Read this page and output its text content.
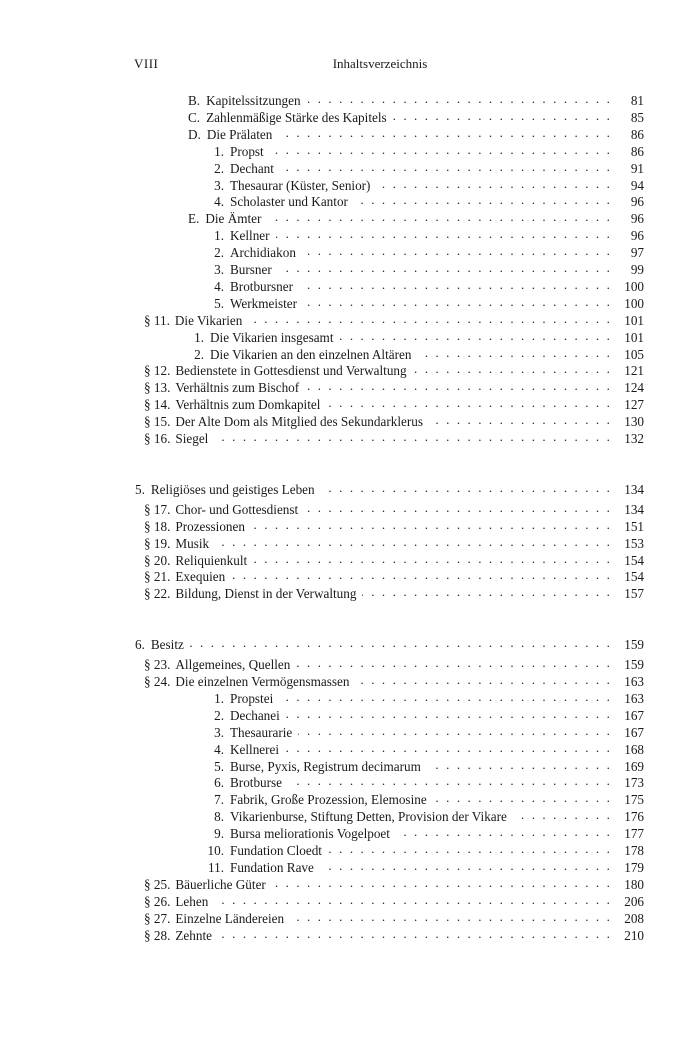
VIII	Inhaltsverzeichnis
B. Kapitelssitzungen . . .	81
C. Zahlenmäßige Stärke des Kapitels . . .	85
D. Die Prälaten . . .	86
1. Propst . . .	86
2. Dechant . . .	91
3. Thesaurar (Küster, Senior) . . .	94
4. Scholaster und Kantor . . .	96
E. Die Ämter . . .	96
1. Kellner . . .	96
2. Archidiakon . . .	97
3. Bursner . . .	99
4. Brotbursner . . .	100
5. Werkmeister . . .	100
§ 11. Die Vikarien . . .	101
1. Die Vikarien insgesamt . . .	101
2. Die Vikarien an den einzelnen Altären . . .	105
§ 12. Bedienstete in Gottesdienst und Verwaltung . . .	121
§ 13. Verhältnis zum Bischof . . .	124
§ 14. Verhältnis zum Domkapitel . . .	127
§ 15. Der Alte Dom als Mitglied des Sekundarklerus . . .	130
§ 16. Siegel . . .	132
5. Religiöses und geistiges Leben . . .	134
§ 17. Chor- und Gottesdienst . . .	134
§ 18. Prozessionen . . .	151
§ 19. Musik . . .	153
§ 20. Reliquienkult . . .	154
§ 21. Exequien . . .	154
§ 22. Bildung, Dienst in der Verwaltung . . .	157
6. Besitz . . .	159
§ 23. Allgemeines, Quellen . . .	159
§ 24. Die einzelnen Vermögensmassen . . .	163
1. Propstei . . .	163
2. Dechanei . . .	167
3. Thesaurarie . . .	167
4. Kellnerei . . .	168
5. Burse, Pyxis, Registrum decimarum . . .	169
6. Brotburse . . .	173
7. Fabrik, Große Prozession, Elemosine . . .	175
8. Vikarienburse, Stiftung Detten, Provision der Vikare . . .	176
9. Bursa meliorationis Vogelpoet . . .	177
10. Fundation Cloedt . . .	178
11. Fundation Rave . . .	179
§ 25. Bäuerliche Güter . . .	180
§ 26. Lehen . . .	206
§ 27. Einzelne Ländereien . . .	208
§ 28. Zehnte . . .	210
